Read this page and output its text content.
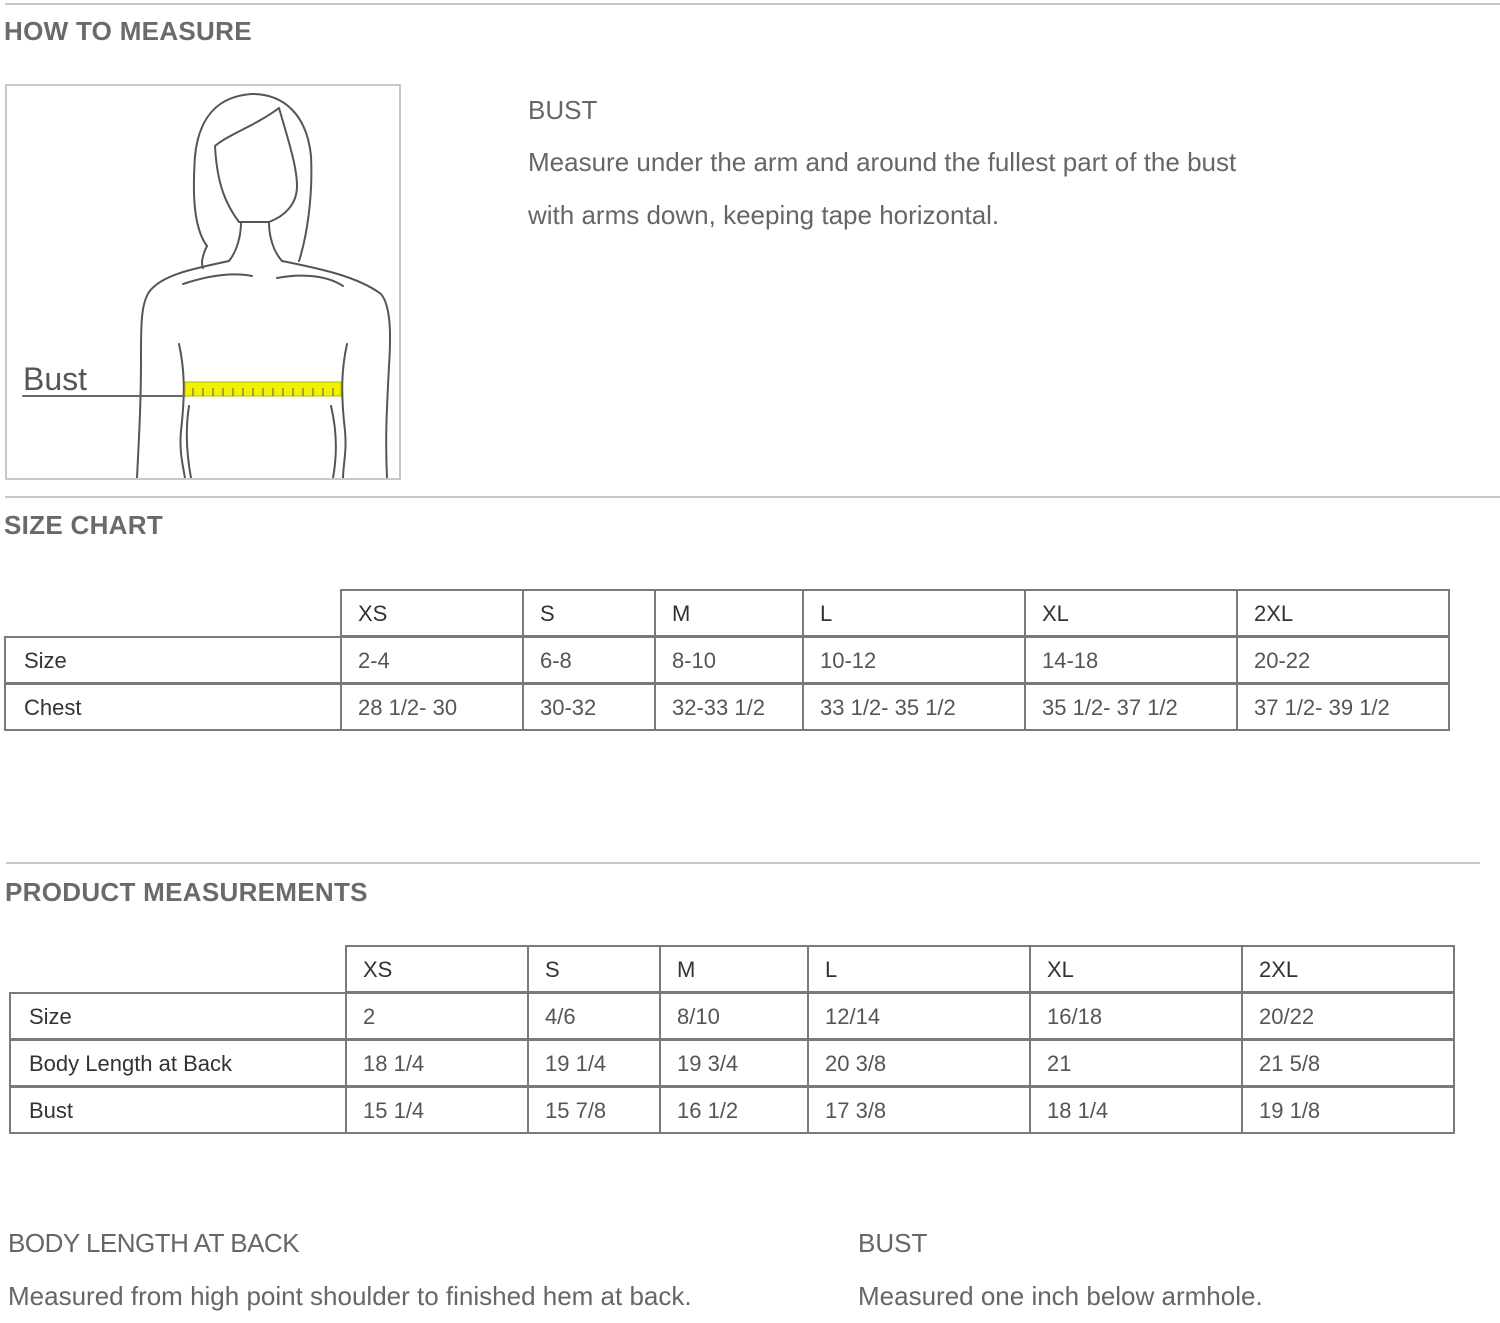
HOW TO MEASURE
Bust
BUST

Measure under the arm and around the fullest part of the bust

with arms down, keeping tape horizontal.

SIZE CHART
XS	S	M	L	XL	2XL
Size	2-4	6-8	8-10	10-12	14-18	20-22
Chest	28 1/2- 30	30-32	32-33 1/2	33 1/2- 35 1/2	35 1/2- 37 1/2	37 1/2- 39 1/2
PRODUCT MEASUREMENTS
XS	S	M	L	XL	2XL
Size	2	4/6	8/10	12/14	16/18	20/22
Body Length at Back	18 1/4	19 1/4	19 3/4	20 3/8	21	21 5/8
Bust	15 1/4	15 7/8	16 1/2	17 3/8	18 1/4	19 1/8
BODY LENGTH AT BACK

Measured from high point shoulder to finished hem at back.

BUST

Measured one inch below armhole.
